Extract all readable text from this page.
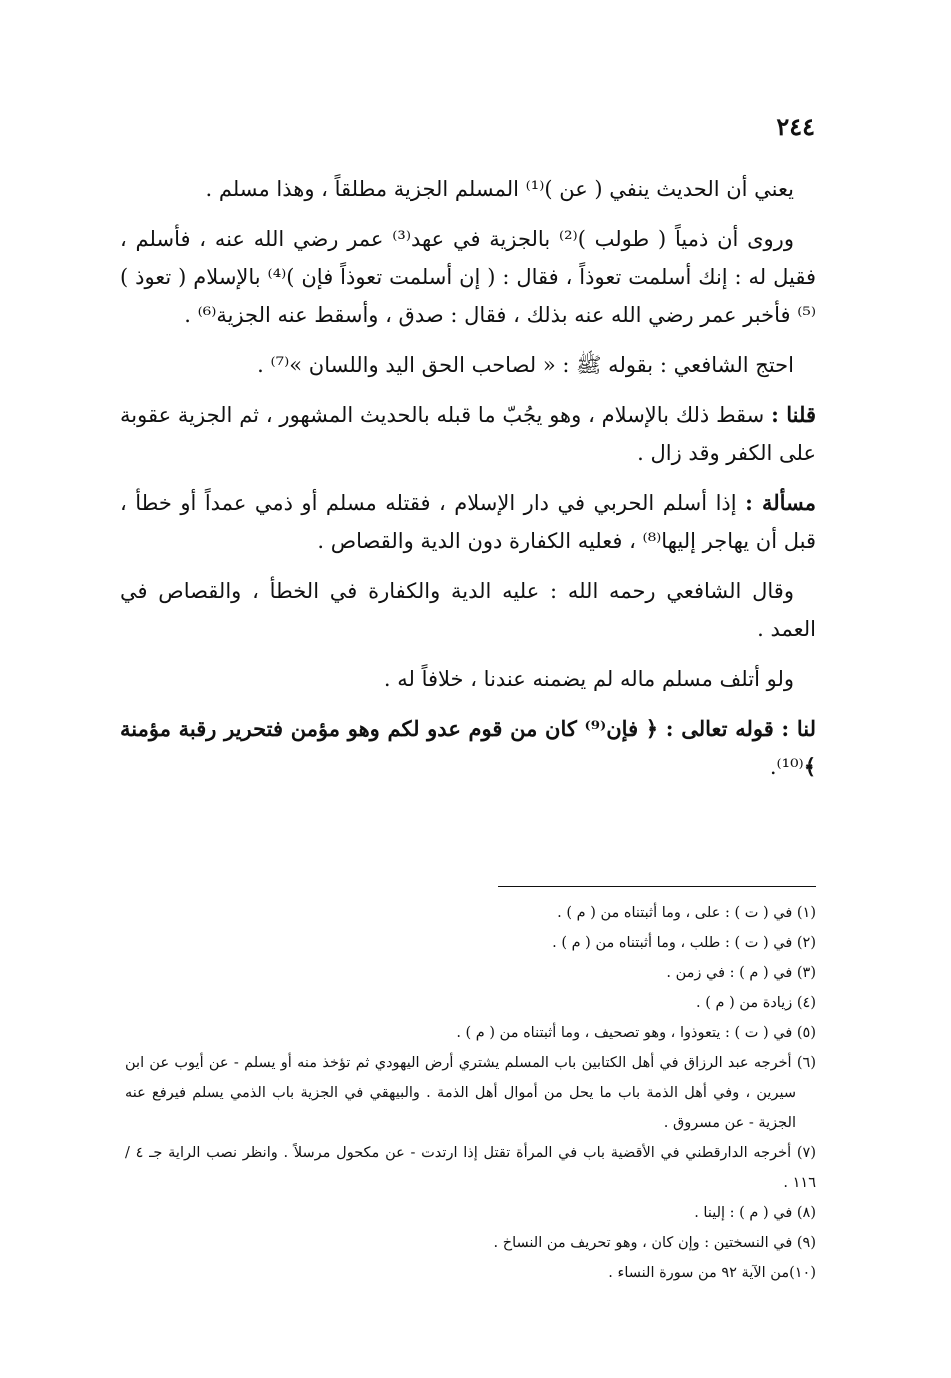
٢٤٤

يعني أن الحديث ينفي ( عن )⁽¹⁾ المسلم الجزية مطلقاً ، وهذا مسلم .

وروى أن ذمياً ( طولب )⁽²⁾ بالجزية في عهد⁽³⁾ عمر رضي الله عنه ، فأسلم ، فقيل له : إنك أسلمت تعوذاً ، فقال : ( إن أسلمت تعوذاً فإن )⁽⁴⁾ بالإسلام ( تعوذ )⁽⁵⁾ فأخبر عمر رضي الله عنه بذلك ، فقال : صدق ، وأسقط عنه الجزية⁽⁶⁾ .

احتج الشافعي : بقوله ﷺ : « لصاحب الحق اليد واللسان »⁽⁷⁾ .

قلنا : سقط ذلك بالإسلام ، وهو يجُبّ ما قبله بالحديث المشهور ، ثم الجزية عقوبة على الكفر وقد زال .

مسألة : إذا أسلم الحربي في دار الإسلام ، فقتله مسلم أو ذمي عمداً أو خطأ ، قبل أن يهاجر إليها⁽⁸⁾ ، فعليه الكفارة دون الدية والقصاص .

وقال الشافعي رحمه الله : عليه الدية والكفارة في الخطأ ، والقصاص في العمد .

ولو أتلف مسلم ماله لم يضمنه عندنا ، خلافاً له .

لنا : قوله تعالى : ﴿ فإن⁽⁹⁾ كان من قوم عدو لكم وهو مؤمن فتحرير رقبة مؤمنة ﴾⁽¹⁰⁾.

(١) في ( ت ) : على ، وما أثبتناه من ( م ) .

(٢) في ( ت ) : طلب ، وما أثبتناه من ( م ) .

(٣) في ( م ) : في زمن .

(٤) زيادة من ( م ) .

(٥) في ( ت ) : يتعوذوا ، وهو تصحيف ، وما أثبتناه من ( م ) .

(٦) أخرجه عبد الرزاق في أهل الكتابين باب المسلم يشتري أرض اليهودي ثم تؤخذ منه أو يسلم - عن أيوب عن ابن سيرين ، وفي أهل الذمة باب ما يحل من أموال أهل الذمة . والبيهقي في الجزية باب الذمي يسلم فيرفع عنه الجزية - عن مسروق .

(٧) أخرجه الدارقطني في الأقضية باب في المرأة تقتل إذا ارتدت - عن مكحول مرسلاً . وانظر نصب الراية جـ ٤ / ١١٦ .

(٨) في ( م ) : إلينا .

(٩) في النسختين : وإن كان ، وهو تحريف من النساخ .

(١٠)من الآية ٩٢ من سورة النساء .
